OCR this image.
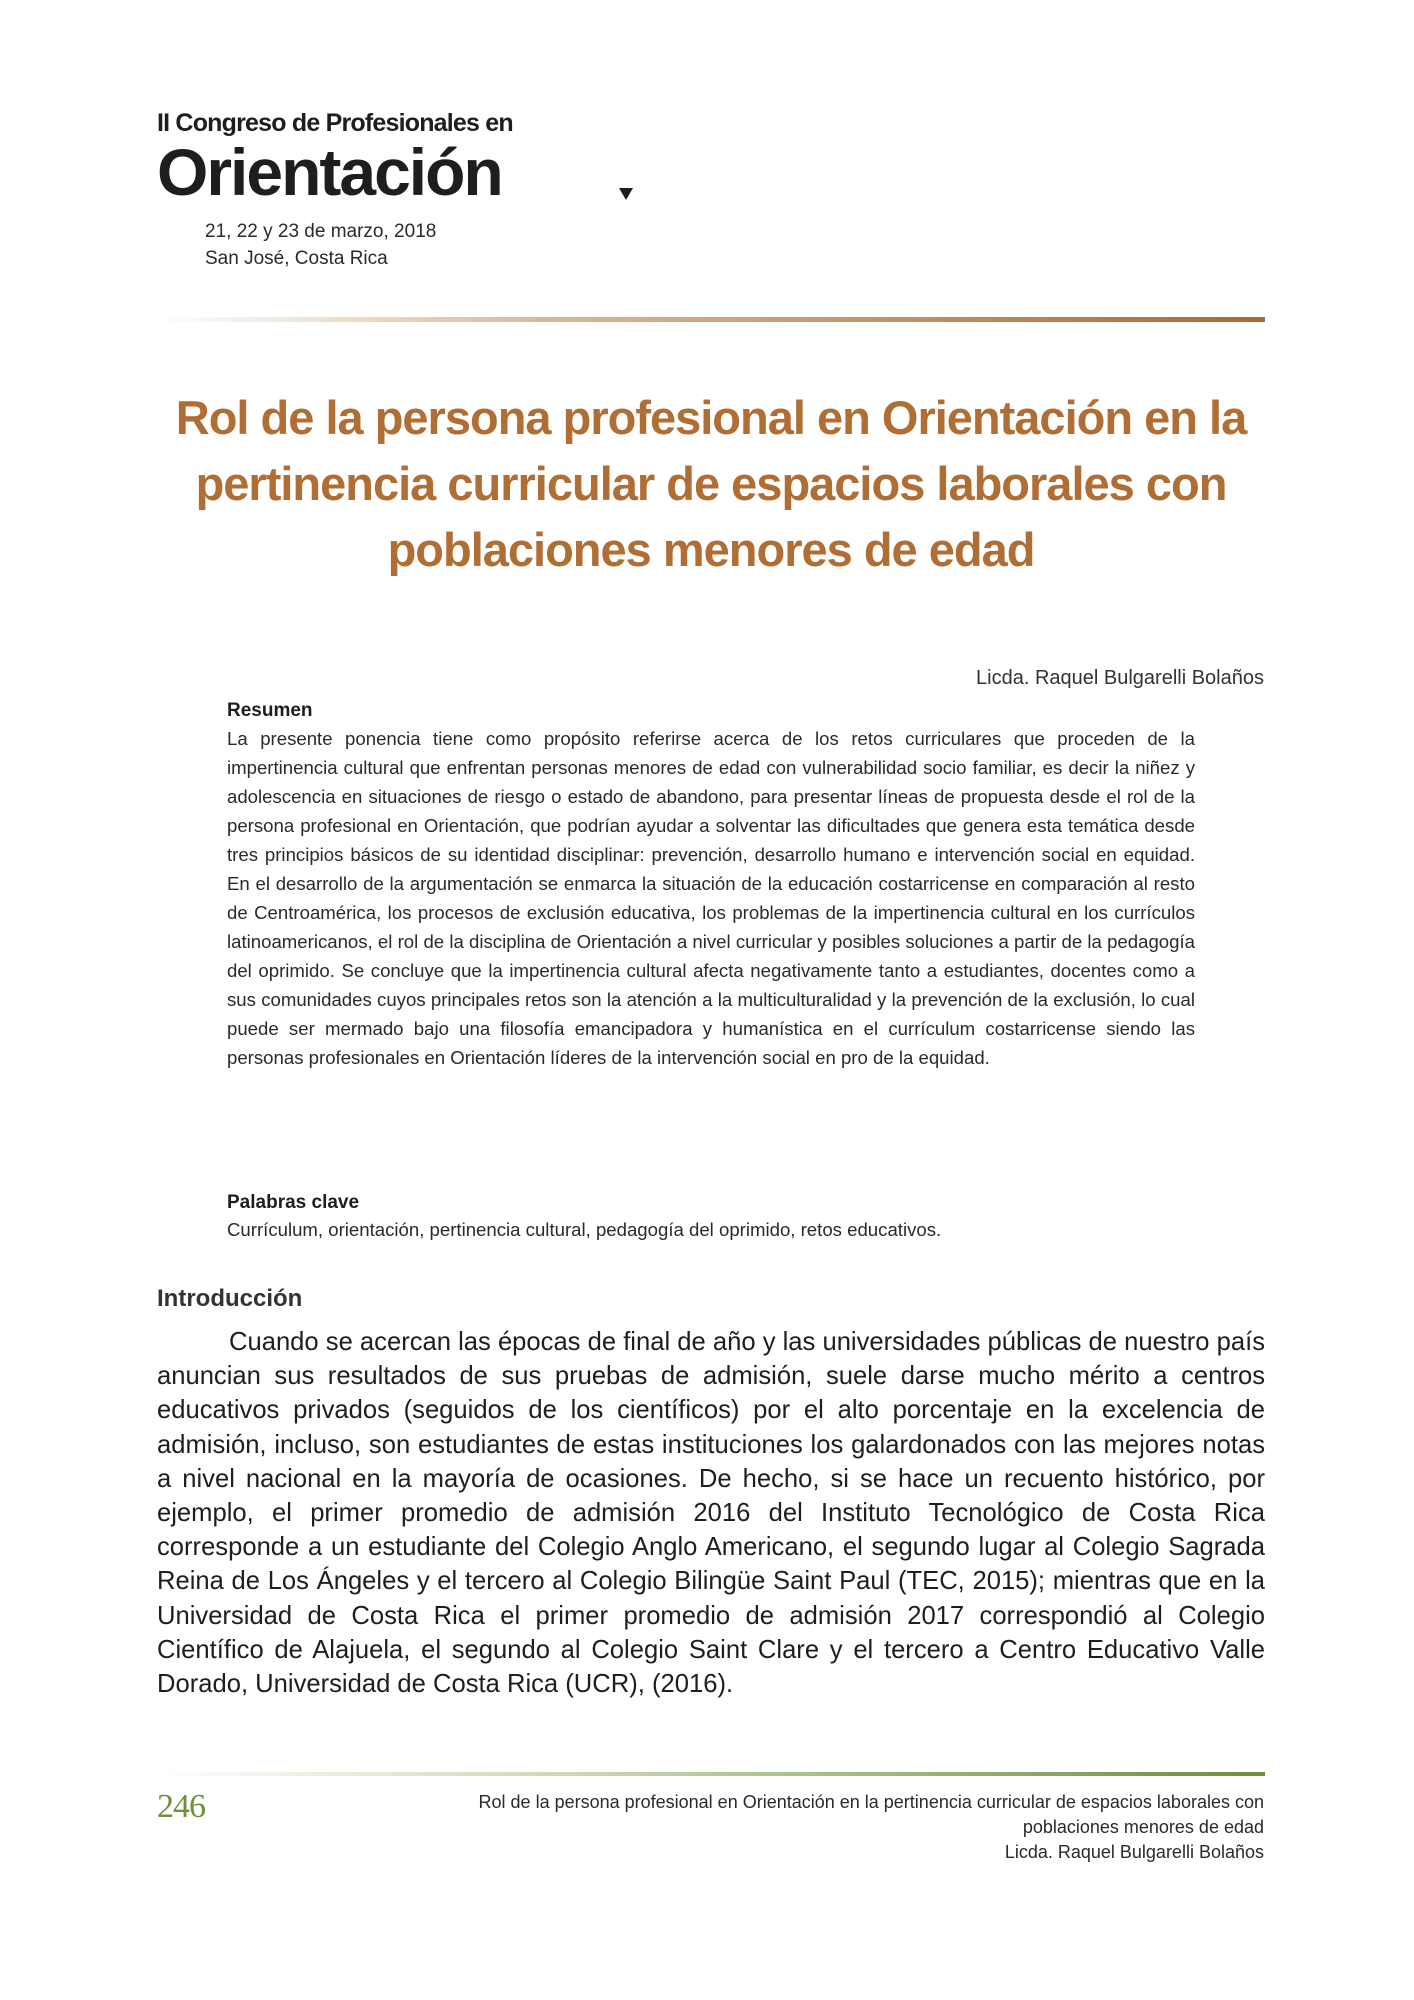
II Congreso de Profesionales en
Orientación
21, 22 y 23 de marzo, 2018
San José, Costa Rica
Rol de la persona profesional en Orientación en la pertinencia curricular de espacios laborales con poblaciones menores de edad
Licda. Raquel Bulgarelli Bolaños

Resumen

La presente ponencia tiene como propósito referirse acerca de los retos curriculares que proceden de la impertinencia cultural que enfrentan personas menores de edad con vulnerabilidad socio familiar, es decir la niñez y adolescencia en situaciones de riesgo o estado de abandono, para presentar líneas de propuesta desde el rol de la persona profesional en Orientación, que podrían ayudar a solventar las dificultades que genera esta temática desde tres principios básicos de su identidad disciplinar: prevención, desarrollo humano e intervención social en equidad. En el desarrollo de la argumentación se enmarca la situación de la educación costarricense en comparación al resto de Centroamérica, los procesos de exclusión educativa, los problemas de la impertinencia cultural en los currículos latinoamericanos, el rol de la disciplina de Orientación a nivel curricular y posibles soluciones a partir de la pedagogía del oprimido. Se concluye que la impertinencia cultural afecta negativamente tanto a estudiantes, docentes como a sus comunidades cuyos principales retos son la atención a la multiculturalidad y la prevención de la exclusión, lo cual puede ser mermado bajo una filosofía emancipadora y humanística en el currículum costarricense siendo las personas profesionales en Orientación líderes de la intervención social en pro de la equidad.

Palabras clave

Currículum, orientación, pertinencia cultural, pedagogía del oprimido, retos educativos.

Introducción

Cuando se acercan las épocas de final de año y las universidades públicas de nuestro país anuncian sus resultados de sus pruebas de admisión, suele darse mucho mérito a centros educativos privados (seguidos de los científicos) por el alto porcentaje en la excelencia de admisión, incluso, son estudiantes de estas instituciones los galardonados con las mejores notas a nivel nacional en la mayoría de ocasiones. De hecho, si se hace un recuento histórico, por ejemplo, el primer promedio de admisión 2016 del Instituto Tecnológico de Costa Rica corresponde a un estudiante del Colegio Anglo Americano, el segundo lugar al Colegio Sagrada Reina de Los Ángeles y el tercero al Colegio Bilingüe Saint Paul (TEC, 2015); mientras que en la Universidad de Costa Rica el primer promedio de admisión 2017 correspondió al Colegio Científico de Alajuela, el segundo al Colegio Saint Clare y el tercero a Centro Educativo Valle Dorado, Universidad de Costa Rica (UCR), (2016).

246	Rol de la persona profesional en Orientación en la pertinencia curricular de espacios laborales con
poblaciones menores de edad
Licda. Raquel Bulgarelli Bolaños
